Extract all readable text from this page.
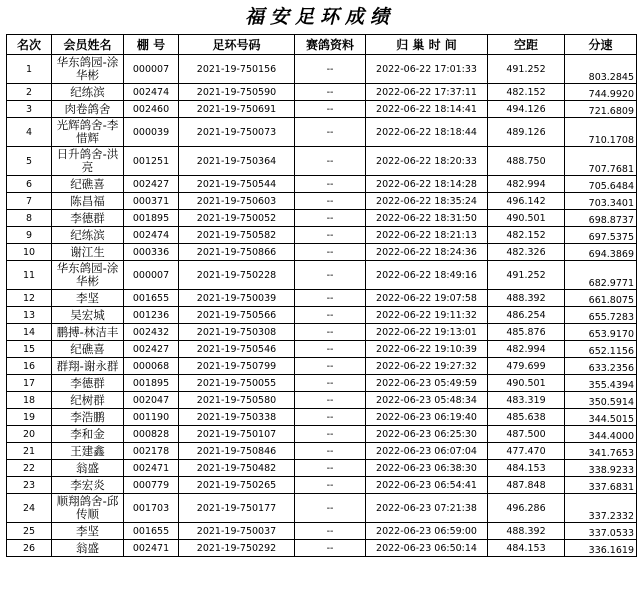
福安足环成绩
名次	会员姓名	棚 号	足环号码	赛鸽资料	归 巢 时 间	空距	分速
1	华东鸽园-涂华彬	000007	2021-19-750156	--	2022-06-22 17:01:33	491.252	803.2845
2	纪练滨	002474	2021-19-750590	--	2022-06-22 17:37:11	482.152	744.9920
3	肉卷鸽舍	002460	2021-19-750691	--	2022-06-22 18:14:41	494.126	721.6809
4	光辉鸽舍-李惜辉	000039	2021-19-750073	--	2022-06-22 18:18:44	489.126	710.1708
5	日升鸽舍-洪亮	001251	2021-19-750364	--	2022-06-22 18:20:33	488.750	707.7681
6	纪礁喜	002427	2021-19-750544	--	2022-06-22 18:14:28	482.994	705.6484
7	陈昌福	000371	2021-19-750603	--	2022-06-22 18:35:24	496.142	703.3401
8	李德群	001895	2021-19-750052	--	2022-06-22 18:31:50	490.501	698.8737
9	纪练滨	002474	2021-19-750582	--	2022-06-22 18:21:13	482.152	697.5375
10	谢江生	000336	2021-19-750866	--	2022-06-22 18:24:36	482.326	694.3869
11	华东鸽园-涂华彬	000007	2021-19-750228	--	2022-06-22 18:49:16	491.252	682.9771
12	李坚	001655	2021-19-750039	--	2022-06-22 19:07:58	488.392	661.8075
13	吴宏城	001236	2021-19-750566	--	2022-06-22 19:11:32	486.254	655.7283
14	鹏搏-林洁丰	002432	2021-19-750308	--	2022-06-22 19:13:01	485.876	653.9170
15	纪礁喜	002427	2021-19-750546	--	2022-06-22 19:10:39	482.994	652.1156
16	群翔-谢永群	000068	2021-19-750799	--	2022-06-22 19:27:32	479.699	633.2356
17	李德群	001895	2021-19-750055	--	2022-06-23 05:49:59	490.501	355.4394
18	纪树群	002047	2021-19-750580	--	2022-06-23 05:48:34	483.319	350.5914
19	李浩鹏	001190	2021-19-750338	--	2022-06-23 06:19:40	485.638	344.5015
20	李和金	000828	2021-19-750107	--	2022-06-23 06:25:30	487.500	344.4000
21	王建鑫	002178	2021-19-750846	--	2022-06-23 06:07:04	477.470	341.7653
22	翁盛	002471	2021-19-750482	--	2022-06-23 06:38:30	484.153	338.9233
23	李宏炎	000779	2021-19-750265	--	2022-06-23 06:54:41	487.848	337.6831
24	顺翔鸽舍-邱传顺	001703	2021-19-750177	--	2022-06-23 07:21:38	496.286	337.2332
25	李坚	001655	2021-19-750037	--	2022-06-23 06:59:00	488.392	337.0533
26	翁盛	002471	2021-19-750292	--	2022-06-23 06:50:14	484.153	336.1619
